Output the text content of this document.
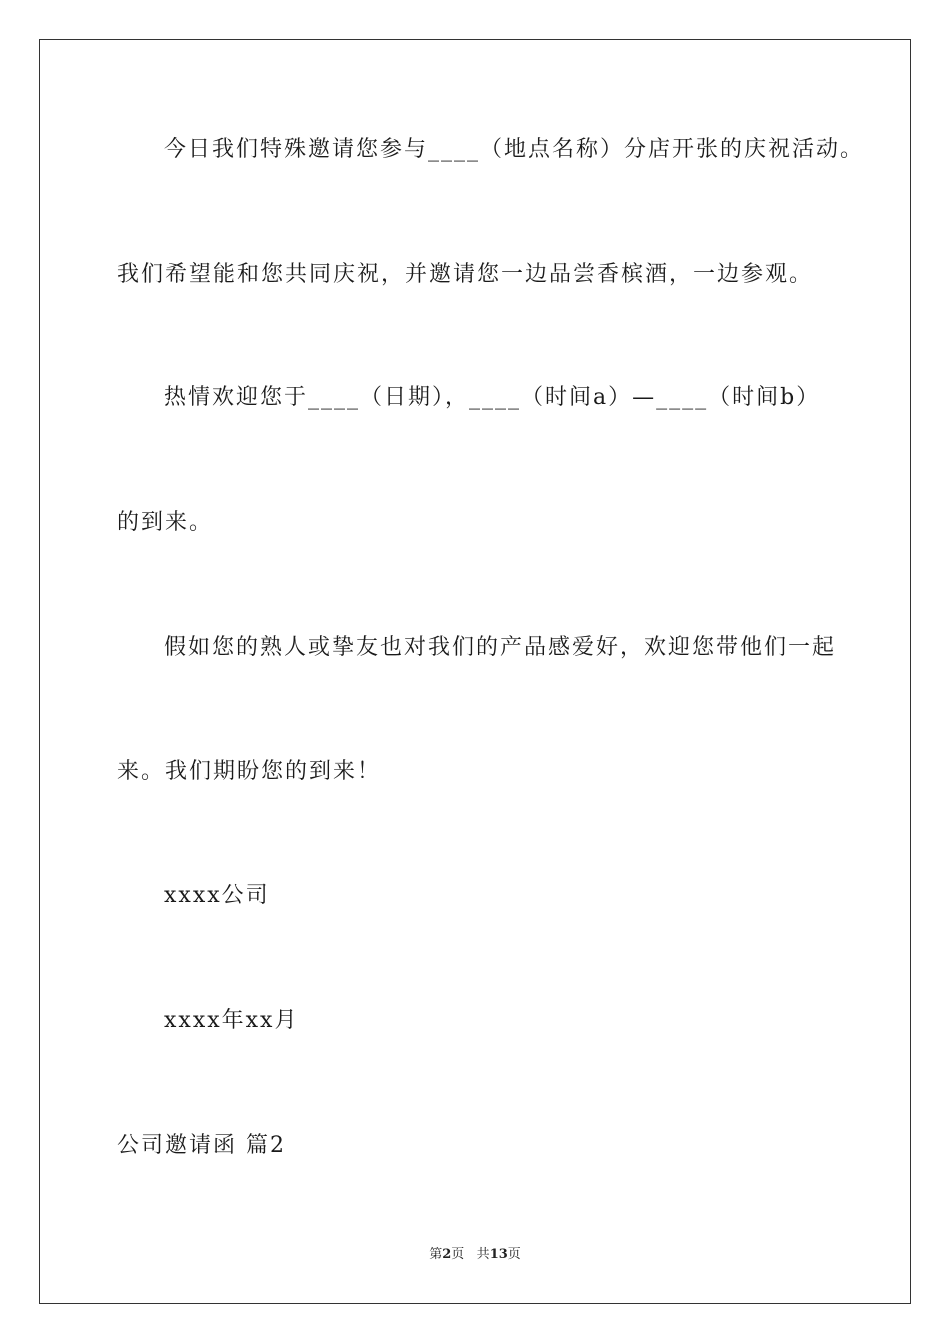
今日我们特殊邀请您参与____（地点名称）分店开张的庆祝活动。
我们希望能和您共同庆祝，并邀请您一边品尝香槟酒，一边参观。
热情欢迎您于____（日期），____（时间a）—____（时间b）
的到来。
假如您的熟人或挚友也对我们的产品感爱好，欢迎您带他们一起
来。我们期盼您的到来！
xxxx公司
xxxx年xx月
公司邀请函 篇2
第2页 共13页
